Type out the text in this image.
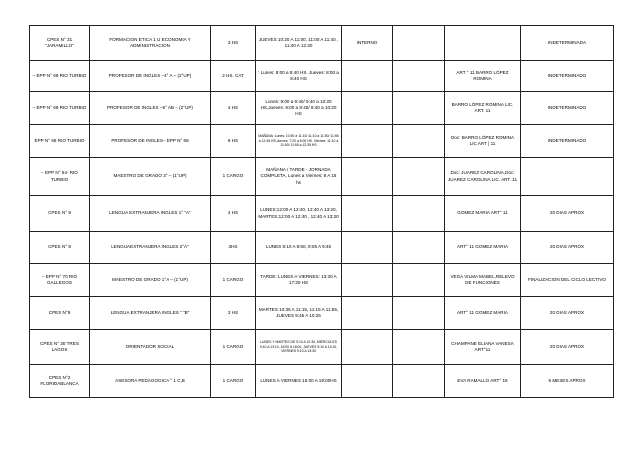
CPES N° 31 "JARAMILLO"	FORMACION ETICA 1 U ECONOMIA Y ADMINISTRACION	3 HS	JUEVES 10:20 A 11:00, 11:00 A 11:40 , 11:40 A 12:30	INTERNO			INDETERMINADA
– EPP N° 68 RIO TURBIO	PROFESOR DE INGLES –4° A – (2°UP)	2 HS. CAT	: Lunes: 8:00 a 8:40 HS. Jueves: 8:00 a 8:40 HS			ART ° 11 BARRO LÓPEZ ROMINA	INDETERMINADO
– EPP N° 68 RIO TURBIO	PROFESOR DE INGLES –5° AB – (2°UP)	4 HS	Lunes: 9:00 a 9:40/ 9:40 a 10:20 HS,Jueves: 9:00 a 9:40/ 9:40 a 10:20 HS			BARRO LÓPEZ ROMINA LIC. ART. 11	INDETERMINADO
EPP N° 68 RIO TURBIO	PROFESOR DE INGLES– EPP N° 68	6 HS	MAÑANA: Lunes: 10:50 a 11:10/ 11:10 a 11:50/ 11:55 a 12:35 HS,Jueves: 7:20 a 8:00 HS, Viernes: 11:10 a 11:50/ 11:55 a 12:35 HS			Doc: BARRO LÓPEZ ROMINA LIC ART | 11	INDETERMINADO
– EPP N° 54- RIO TURBIO	MAESTRO DE GRADO 3° – (1°UP)	1 CARGO	MAÑANA / TARDE - JORNADA COMPLETA, Lunes a Viernes: 8 A 16 hs			Doc: JUAREZ CAROLINA,Doc: JUAREZ CAROLINA LIC. ART. 11	
CPES N° 9	LENGUA EXTRANJERA INGLES 1° "A"	4 HS	LUNES;12:00 A 12:40, 12:40 A 13:20, MARTES;12:00 A 12:40 , 12:40 A 13:20			GOMEZ MARIA ART° 11	20 DIAS APROX
CPES N° 9	LENGUAEXTRANJERA INGLES 2°A"	3HS	LUNES 8:10 A 8:50, 9:05 A 9:45			ART° 11 GOMEZ MARIA	20 DIAS APROX
– EPP N° 70 RIO GALLEGOS	MAESTRO DE GRADO 1°A – (1°UP)	1 CARGO	TARDE: LUNES A VIERNES: 13:30 A 17:30 HS			VEGA VILMA MABEL,RELEVO DE FUNCIONES	FINALIZACION DEL CICLO LECTIVO
CPES N°9	LENGUA EXTRANJERA INGLES " "B"	3 HS	MARTES 10:35 A 11:15, 11:15 A 11:55, JUEVES 9:45 A 10:25			ART° 11 GOMEZ MARIA	20 DIAS APROX
CPES N° 30 TRES LAGOS	ORIENTADOR SOCIAL	1 CARGO	LUNES Y MARTES DE 9:10 A 12:30, MIERCOLES 9:10 A 13:10, 16:00 A 18:00, JUEVES 9:10 A 13:10, VIERNES 9:10 A 13:30			CHAMPANE ELIANA VANESA ART°11	20 DIAS APROX
CPES N°2 FLORIDABLANCA	ASESORA PEDAGOGICA ° 1 C,B	1 CARGO	LUNES A VIERNES 15:00 A 19:00HS			EVA RAMALLO ART° 18	6 MESES APROX
